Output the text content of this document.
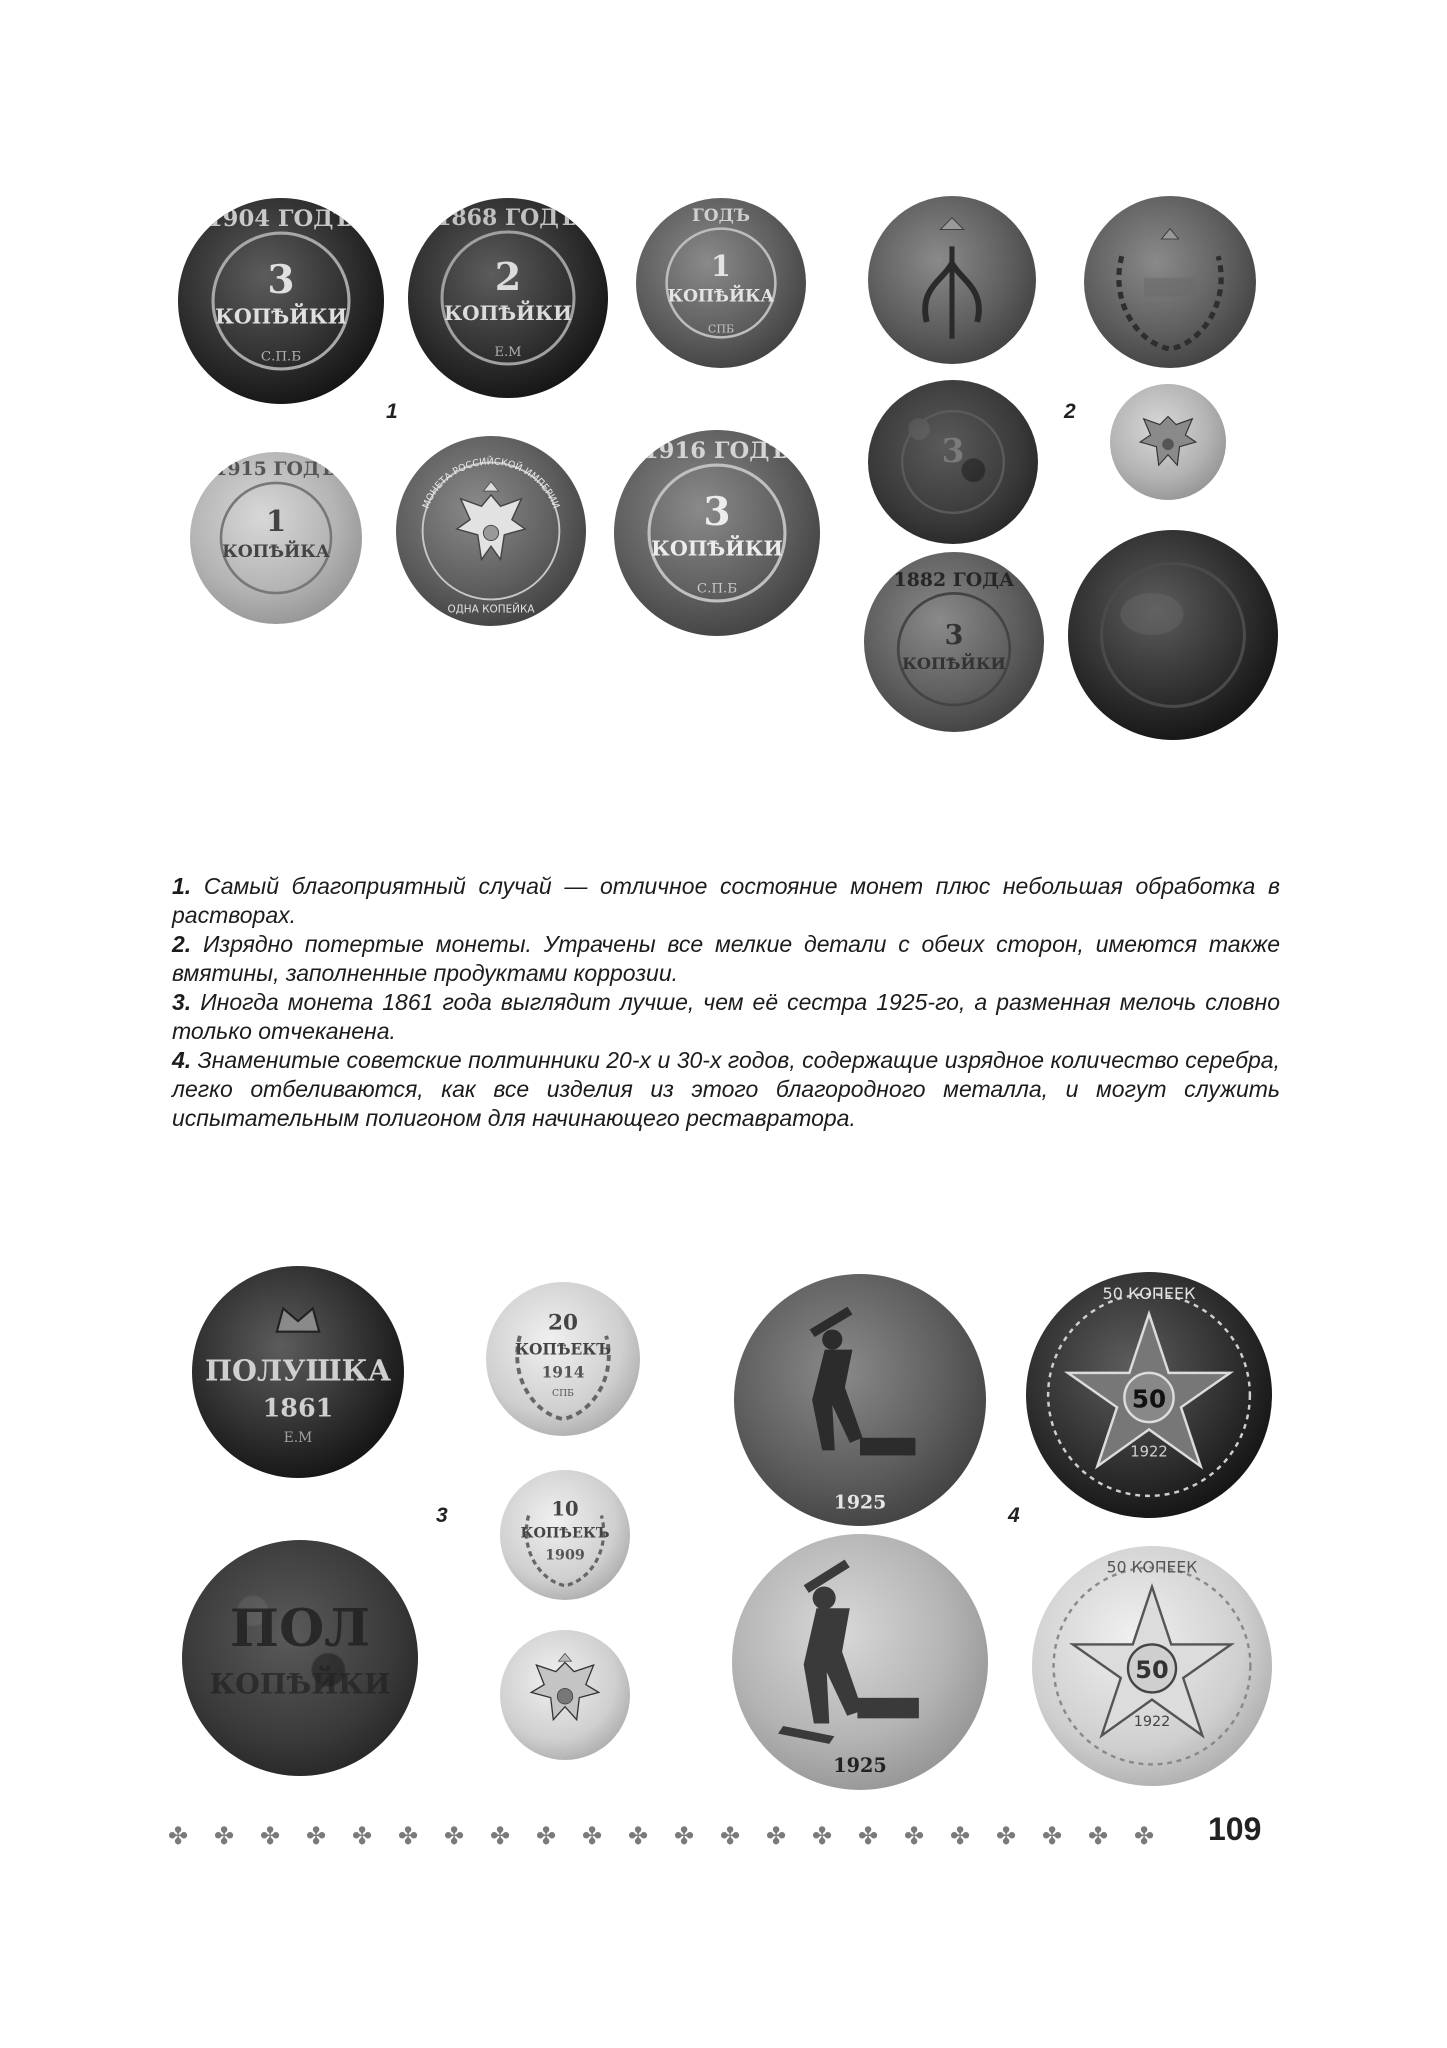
1904 ГОДЪ
3
КОПѢЙКИ
С.П.Б
1868 ГОДЪ
2
КОПѢЙКИ
Е.М
ГОДЪ
1
КОПѢЙКА
СПБ
1915 ГОДЪ
1
КОПѢЙКА
МОНЕТА РОССИЙСКОЙ ИМПЕРИИ
ОДНА КОПЕЙКА
1916 ГОДЪ
3
КОПѢЙКИ
С.П.Б
1
3
1882 ГОДА
3
КОПѢЙКИ
2

1. Самый благоприятный случай — отличное состояние монет плюс небольшая обработка в растворах.

2. Изрядно потертые монеты. Утрачены все мелкие детали с обеих сторон, имеются также вмятины, заполненные продуктами коррозии.

3. Иногда монета 1861 года выглядит лучше, чем её сестра 1925-го, а разменная мелочь словно только отчеканена.

4. Знаменитые советские полтинники 20-х и 30-х годов, содержащие изрядное количество серебра, легко отбеливаются, как все изделия из этого благородного металла, и могут служить испытательным полигоном для начинающего реставратора.

ПОЛУШКА
1861
Е.М
20
КОПѢЕКЪ
1914
СПБ
10
КОПѢЕКЪ
1909
ПОЛ
КОПѢЙКИ
3
1925
50
50 КОПЕЕК
1922
1925
50
50 КОПЕЕК
1922
4
✤	✤	✤	✤	✤	✤	✤	✤	✤	✤	✤	✤	✤	✤	✤	✤	✤	✤	✤	✤	✤	✤	109
